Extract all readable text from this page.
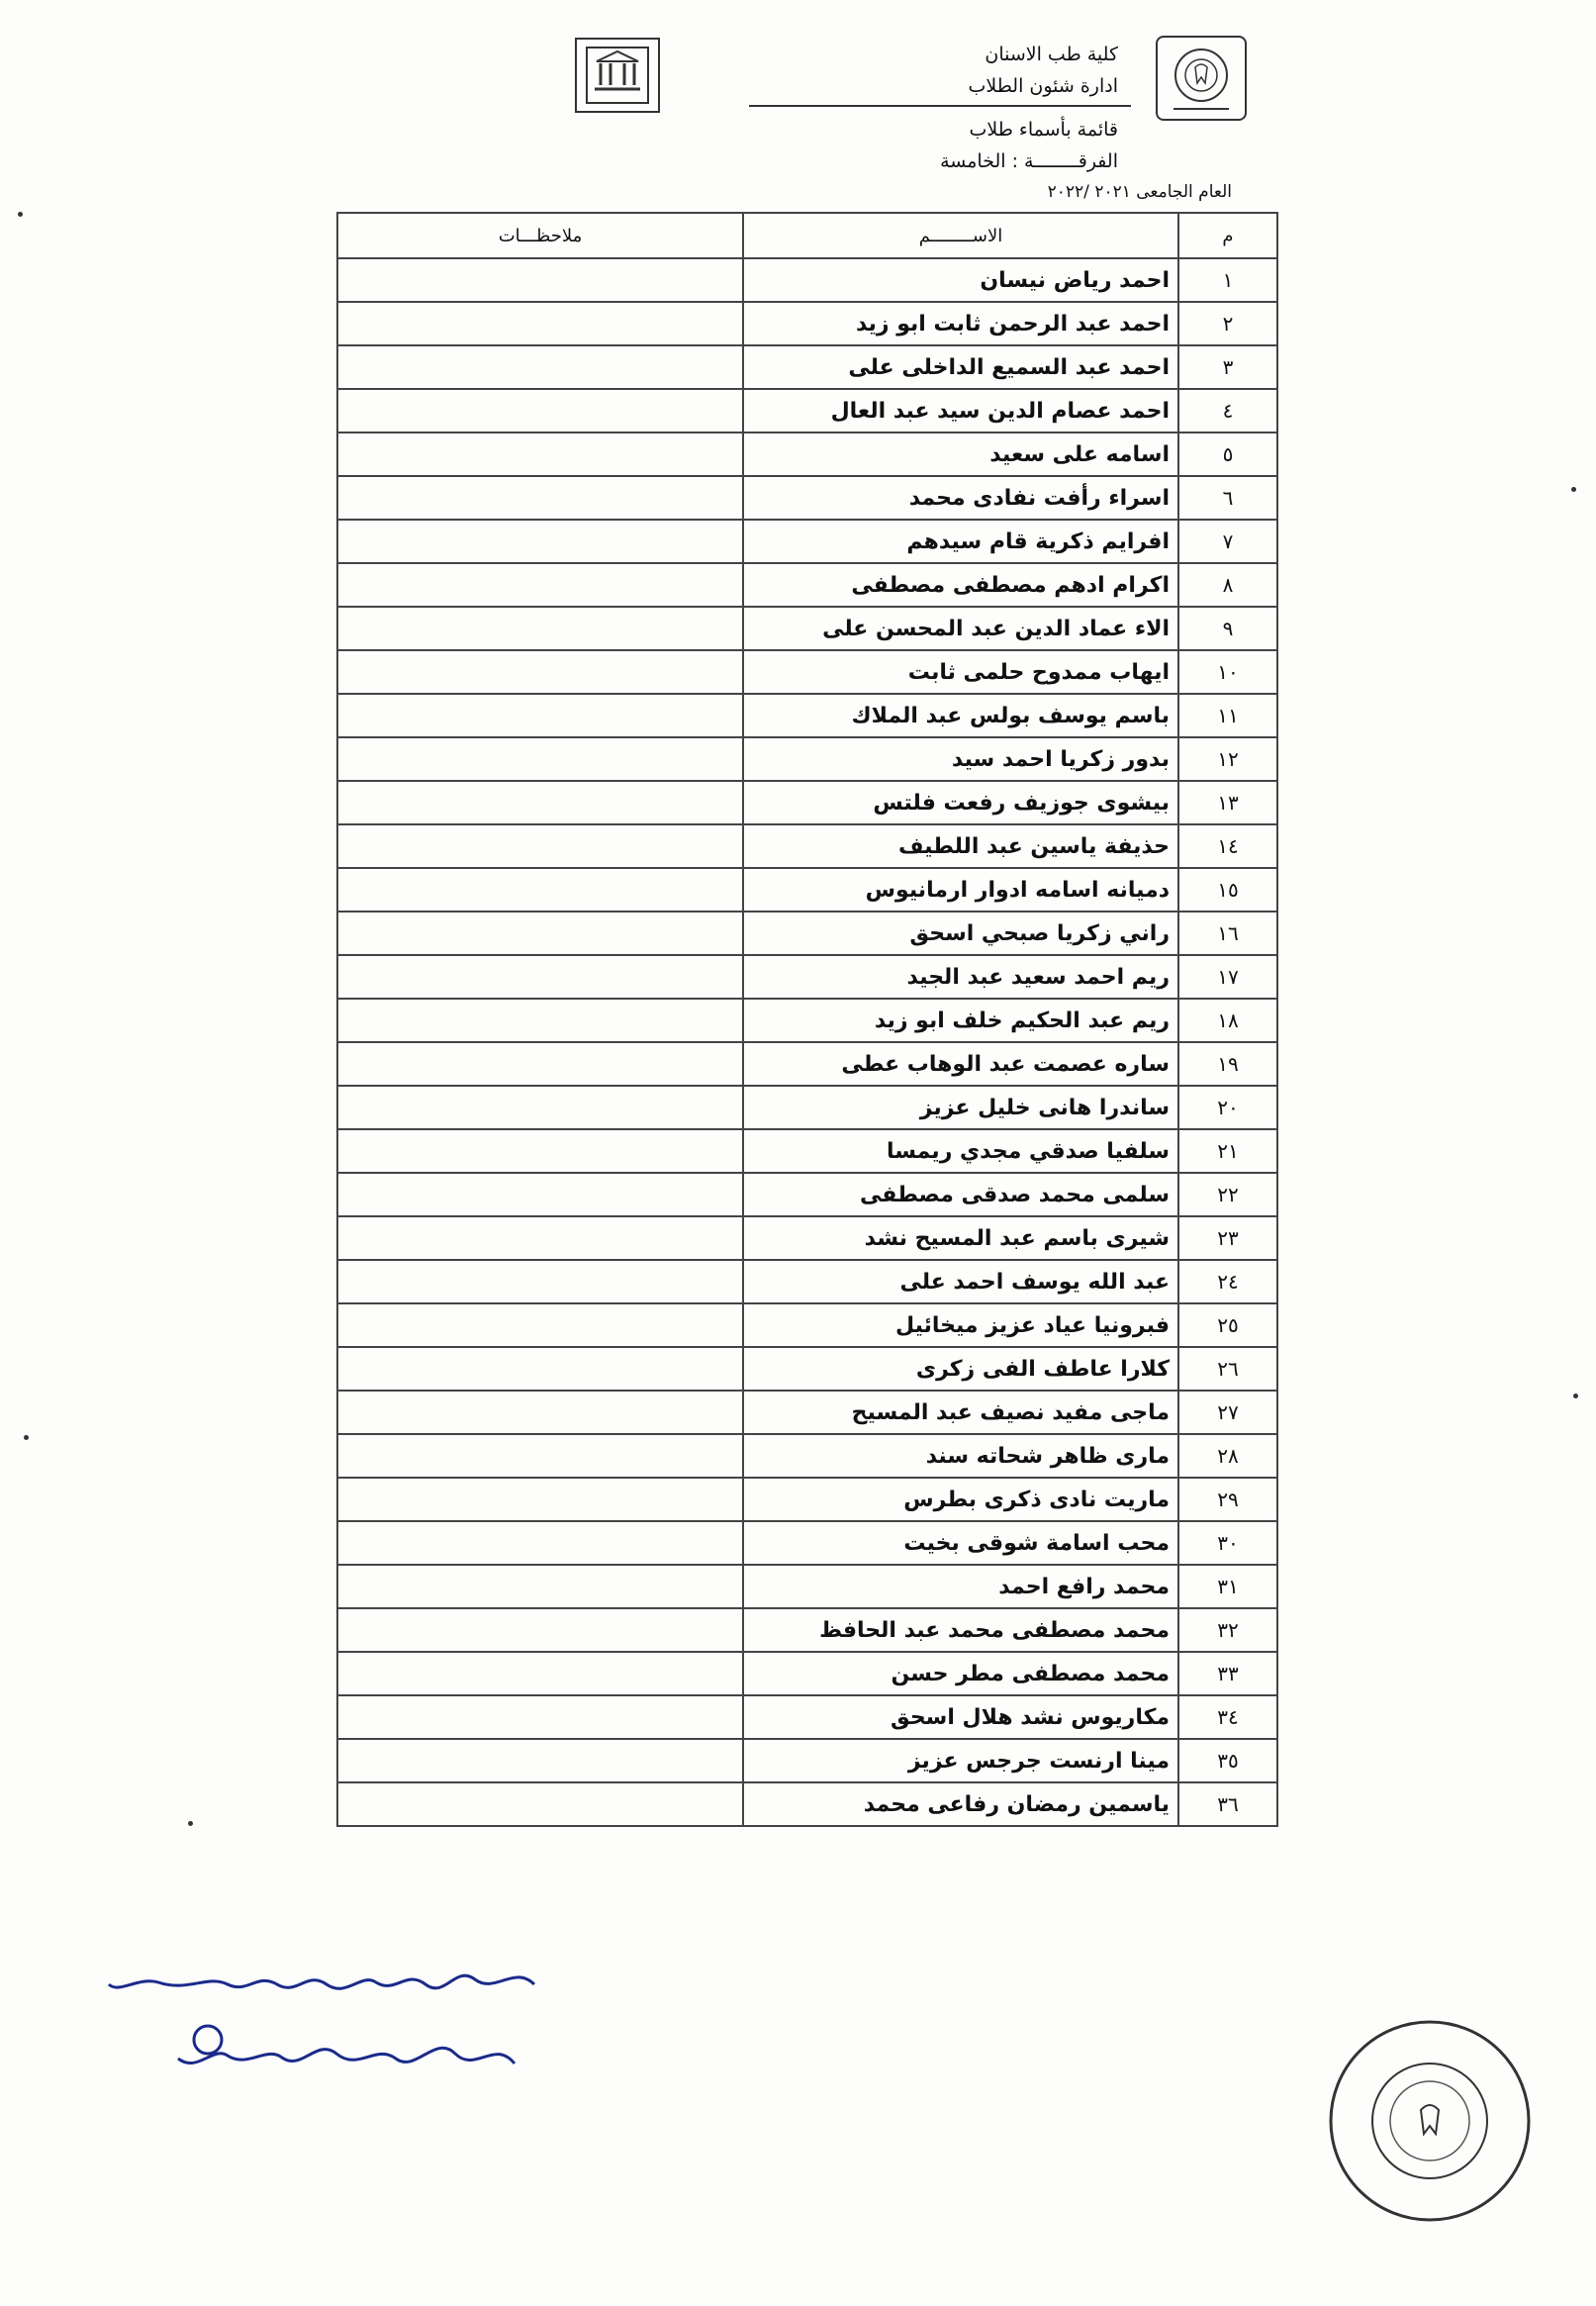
كلية طب الاسنان
ادارة شئون الطلاب
قائمة بأسماء طلاب
الفرقــــــــة : الخامسة
العام الجامعى ٢٠٢١ /٢٠٢٢
م	الاســــــــم	ملاحظـــات
١	احمد رياض نيسان	
٢	احمد عبد الرحمن ثابت ابو زيد	
٣	احمد عبد السميع الداخلى على	
٤	احمد عصام الدين سيد عبد العال	
٥	اسامه على سعيد	
٦	اسراء رأفت نفادى محمد	
٧	افرايم ذكرية قام سيدهم	
٨	اكرام ادهم مصطفى مصطفى	
٩	الاء عماد الدين عبد المحسن على	
١٠	ايهاب ممدوح حلمى ثابت	
١١	باسم يوسف بولس عبد الملاك	
١٢	بدور زكريا احمد سيد	
١٣	بيشوى جوزيف رفعت فلتس	
١٤	حذيفة ياسين عبد اللطيف	
١٥	دميانه اسامه ادوار ارمانيوس	
١٦	راني زكريا صبحي اسحق	
١٧	ريم احمد سعيد عبد الجيد	
١٨	ريم عبد الحكيم خلف ابو زيد	
١٩	ساره عصمت عبد الوهاب عطى	
٢٠	ساندرا هانى خليل عزيز	
٢١	سلفيا صدقي مجدي ريمسا	
٢٢	سلمى محمد صدقى مصطفى	
٢٣	شيرى باسم عبد المسيح نشد	
٢٤	عبد الله يوسف احمد على	
٢٥	فبرونيا عياد عزيز ميخائيل	
٢٦	كلارا عاطف الفى زكرى	
٢٧	ماجى مفيد نصيف عبد المسيح	
٢٨	مارى ظاهر شحاته سند	
٢٩	ماريت نادى ذكرى بطرس	
٣٠	محب اسامة شوقى بخيت	
٣١	محمد رافع احمد	
٣٢	محمد مصطفى محمد عبد الحافظ	
٣٣	محمد مصطفى مطر حسن	
٣٤	مكاريوس نشد هلال اسحق	
٣٥	مينا ارنست جرجس عزيز	
٣٦	ياسمين رمضان رفاعى محمد	
